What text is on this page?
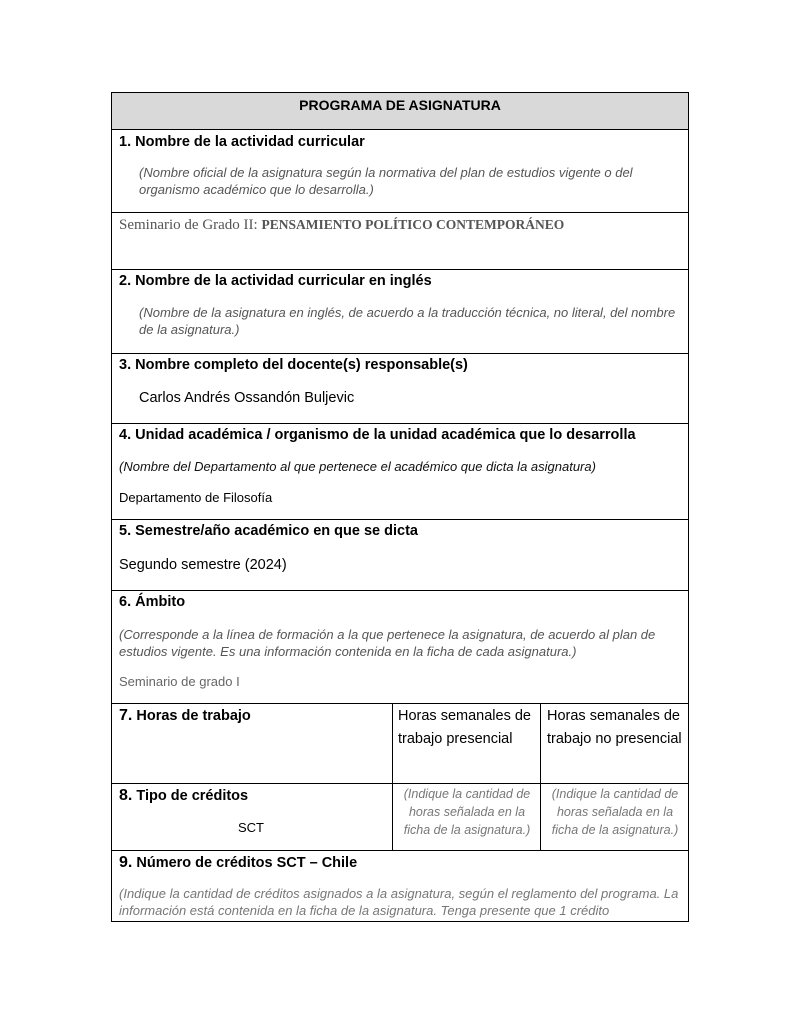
PROGRAMA DE ASIGNATURA
1. Nombre de la actividad curricular
(Nombre oficial de la asignatura según la normativa del plan de estudios vigente o del organismo académico que lo desarrolla.)
Seminario de Grado II: PENSAMIENTO POLÍTICO CONTEMPORÁNEO
2. Nombre de la actividad curricular en inglés
(Nombre de la asignatura en inglés, de acuerdo a la traducción técnica, no literal, del nombre de la asignatura.)
3. Nombre completo del docente(s) responsable(s)
Carlos Andrés Ossandón Buljevic
4. Unidad académica / organismo de la unidad académica que lo desarrolla
(Nombre del Departamento al que pertenece el académico que dicta la asignatura)
Departamento de Filosofía
5. Semestre/año académico en que se dicta
Segundo semestre (2024)
6. Ámbito
(Corresponde a la línea de formación a la que pertenece la asignatura, de acuerdo al plan de estudios vigente. Es una información contenida en la ficha de cada asignatura.)
Seminario de grado I
7. Horas de trabajo	Horas semanales de trabajo presencial
Horas semanales de trabajo no presencial
8. Tipo de créditos
SCT
(Indique la cantidad de horas señalada en la ficha de la asignatura.)
(Indique la cantidad de horas señalada en la ficha de la asignatura.)
9. Número de créditos SCT – Chile
(Indique la cantidad de créditos asignados a la asignatura, según el reglamento del programa. La información está contenida en la ficha de la asignatura. Tenga presente que 1 crédito
